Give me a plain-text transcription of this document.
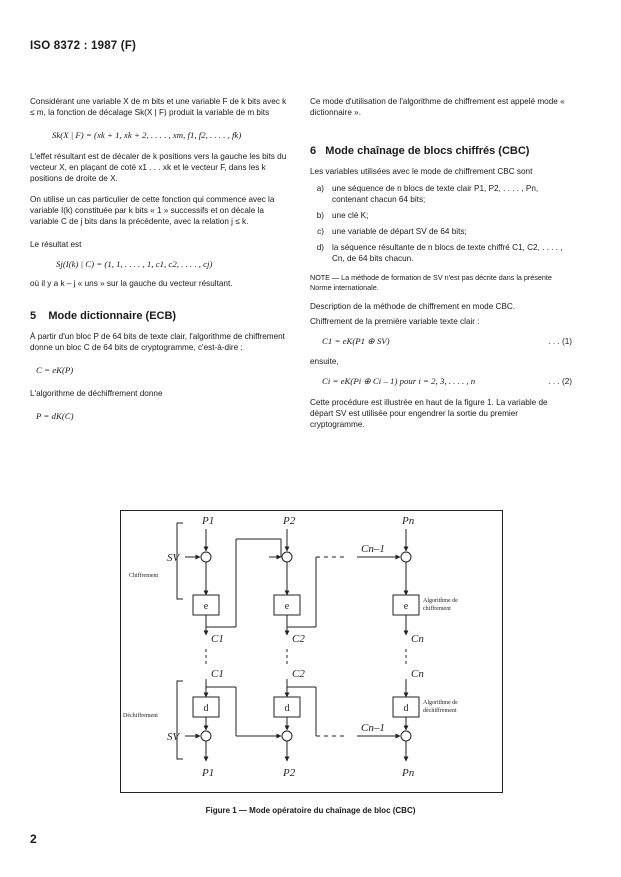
ISO 8372 : 1987 (F)

Considérant une variable X de m bits et une variable F de k bits avec k ≤ m, la fonction de décalage Sk(X | F) produit la variable de m bits

Sk(X | F) = (xk + 1, xk + 2, . . . . , xm, f1, f2, . . . . , fk)

L'effet résultant est de décaler de k positions vers la gauche les bits du vecteur X, en plaçant de coté x1 . . . xk et le vecteur F, dans les k positions de droite de X.

On utilise un cas particulier de cette fonction qui commence avec la variable I(k) constituée par k bits « 1 » successifs et on décale la variable C de j bits dans la précédente, avec la relation j ≤ k.

Le résultat est

Sj(I(k) | C) = (1, 1, . . . . , 1, c1, c2, . . . . , cj)

où il y a k – j « uns » sur la gauche du vecteur résultant.

5 Mode dictionnaire (ECB)

À partir d'un bloc P de 64 bits de texte clair, l'algorithme de chiffrement donne un bloc C de 64 bits de cryptogramme, c'est-à-dire :

C = eK(P)

L'algorithme de déchiffrement donne

P = dK(C)

Ce mode d'utilisation de l'algorithme de chiffrement est appelé mode « dictionnaire ».

6 Mode chaînage de blocs chiffrés (CBC)

Les variables utilisées avec le mode de chiffrement CBC sont

a) une séquence de n blocs de texte clair P1, P2, . . . . , Pn, contenant chacun 64 bits;
b) une clé K;
c) une variable de départ SV de 64 bits;
d) la séquence résultante de n blocs de texte chiffré C1, C2, . . . . , Cn, de 64 bits chacun.

NOTE — La méthode de formation de SV n'est pas décrite dans la présente Norme internationale.

Description de la méthode de chiffrement en mode CBC.

Chiffrement de la première variable texte clair :

C1 = eK(P1 ⊕ SV)	. . . (1)

ensuite,

Ci = eK(Pi ⊕ Ci – 1) pour i = 2, 3, . . . . , n	. . . (2)

Cette procédure est illustrée en haut de la figure 1. La variable de départ SV est utilisée pour engendrer la sortie du premier cryptogramme.

P1	P2	Pn
SV
Cn–1
C1	C2	Cn
C1	C2	Cn
SV
Cn–1
P1	P2	Pn
e	e	e
d	d	d
Chiffrement
Déchiffrement
Algorithme de
chiffrement
Algorithme de
déchiffrement
Figure 1 — Mode opératoire du chaînage de bloc (CBC)
2
